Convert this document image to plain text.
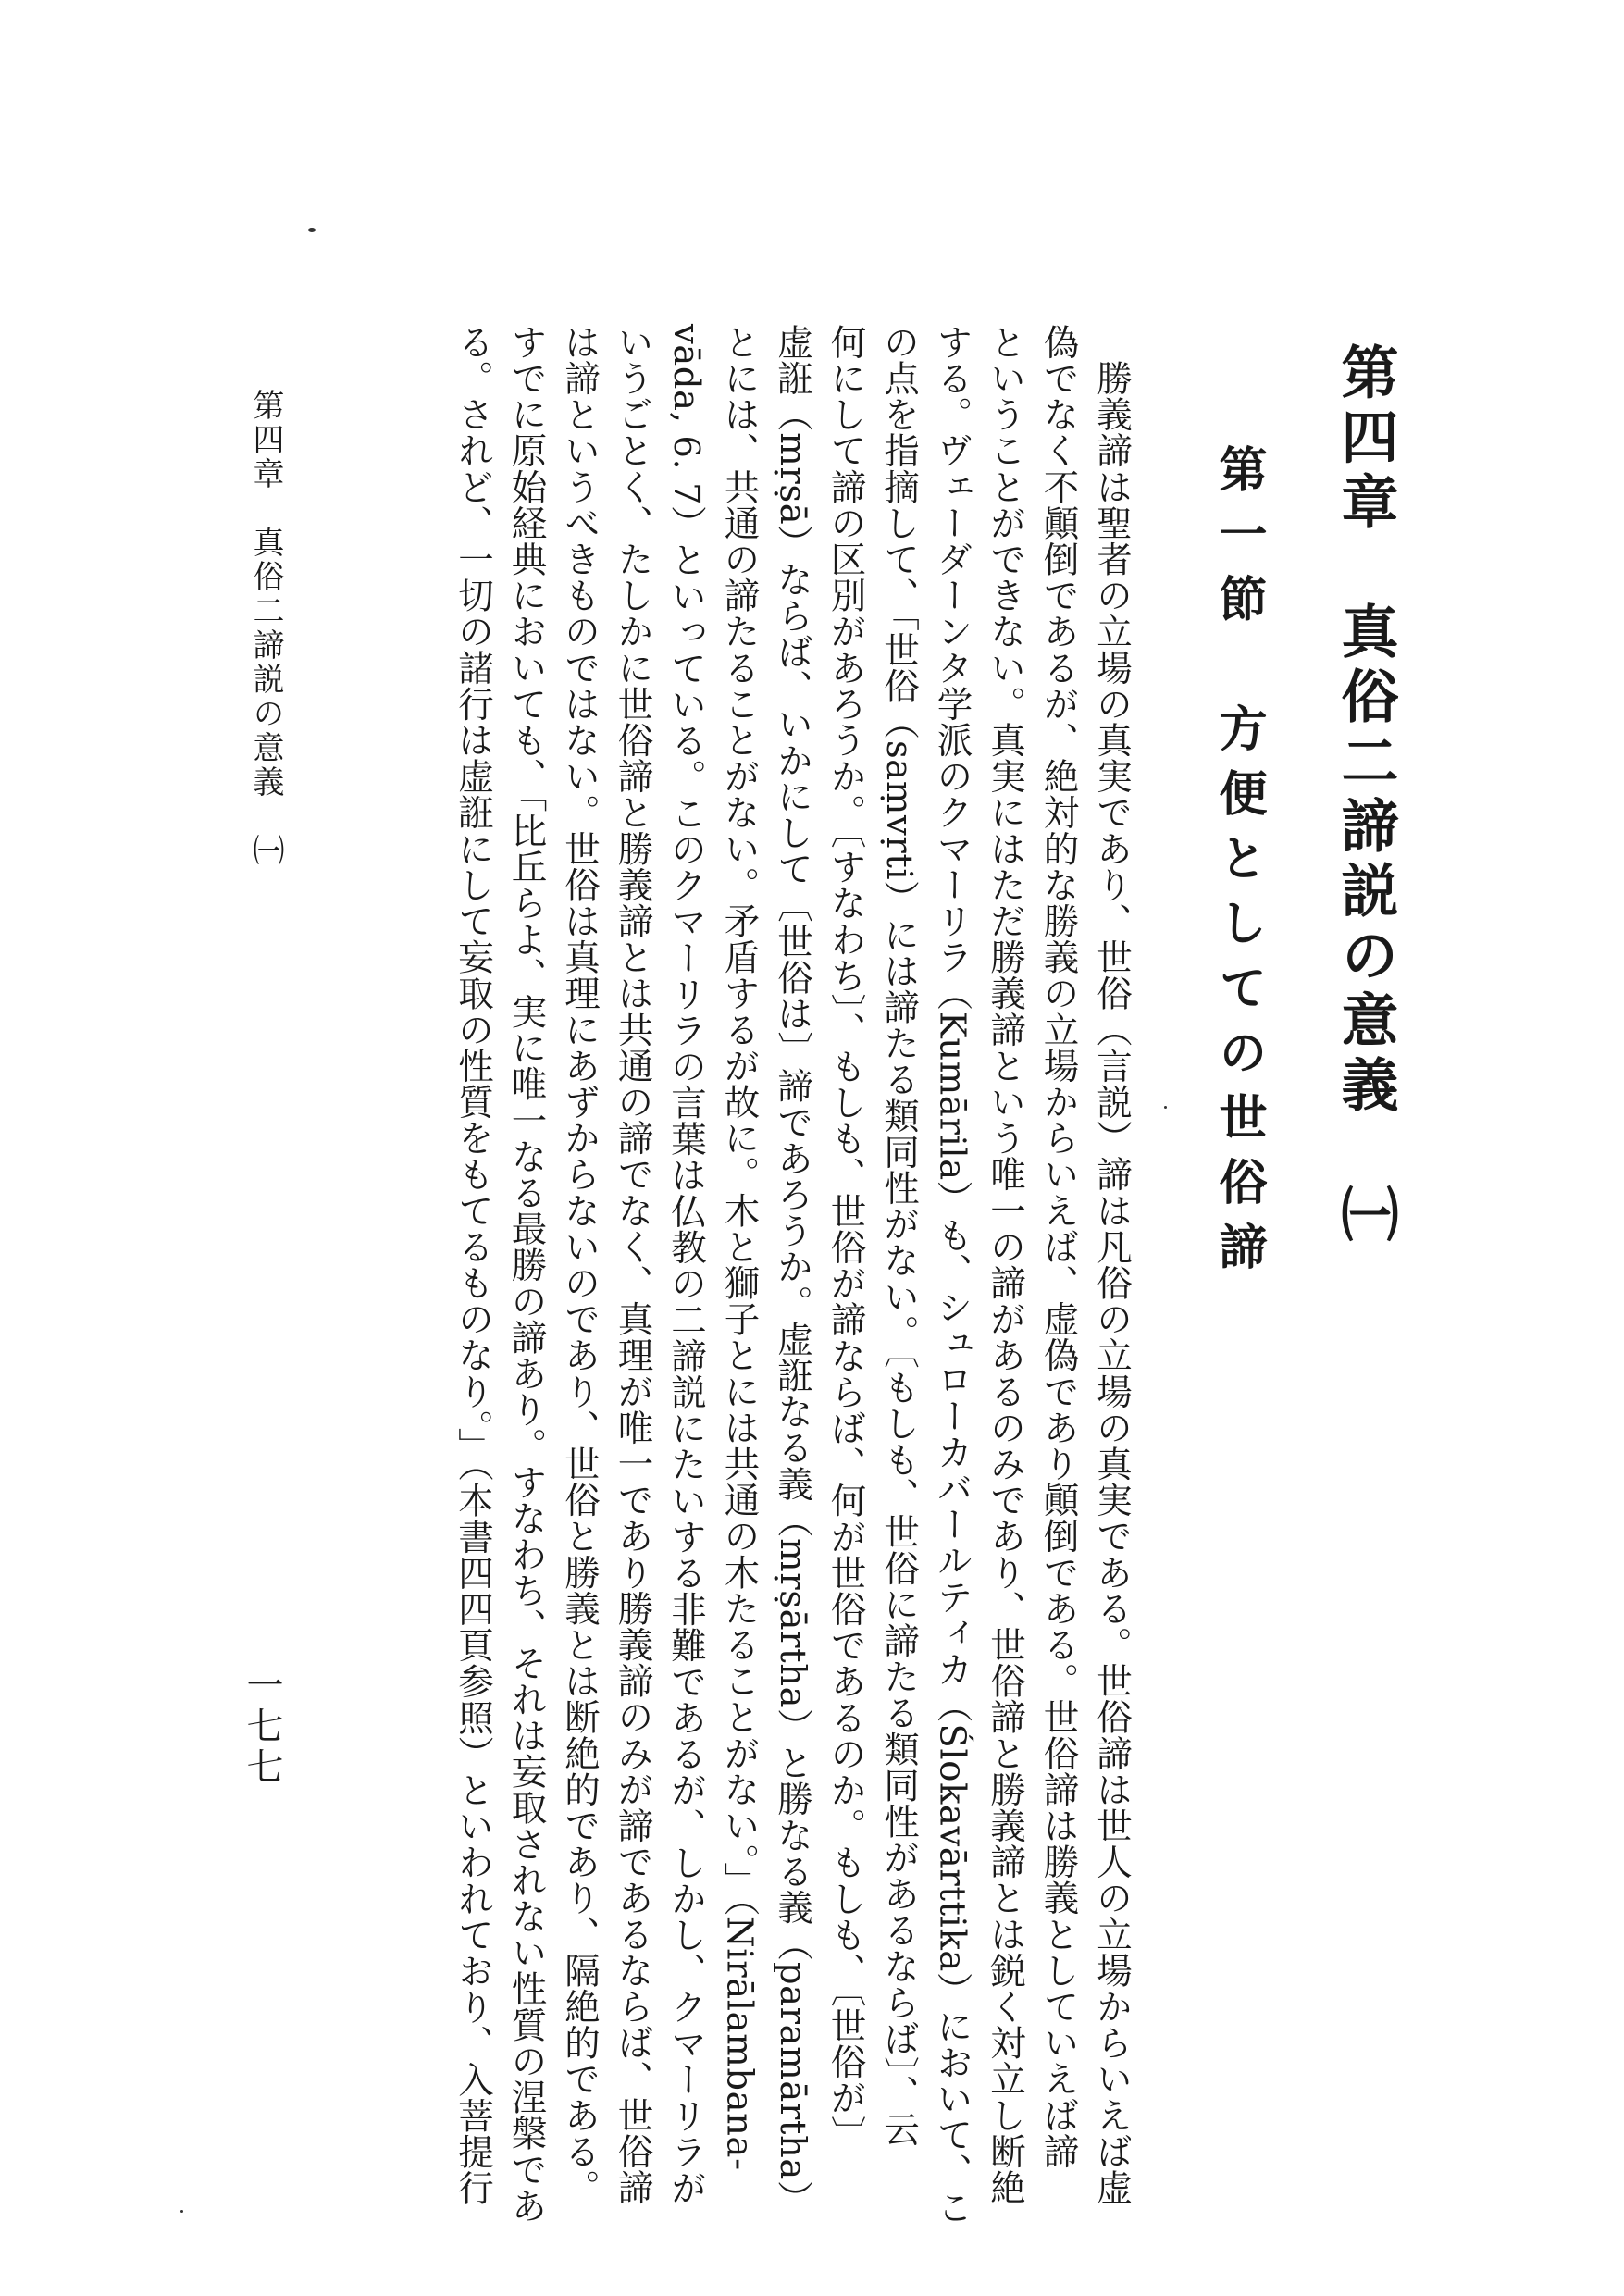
第四章　真俗二諦説の意義　㈠
第一節　方便としての世俗諦
　勝義諦は聖者の立場の真実であり、世俗（言説）諦は凡俗の立場の真実である。世俗諦は世人の立場からいえば虚
偽でなく不顚倒であるが、絶対的な勝義の立場からいえば、虚偽であり顚倒である。世俗諦は勝義としていえば諦
ということができない。真実にはただ勝義諦という唯一の諦があるのみであり、世俗諦と勝義諦とは鋭く対立し断絶
する。ヴェーダーンタ学派のクマーリラ（Kumārila）も、シュローカバールティカ（Ślokavārttika）において、こ
の点を指摘して、「世俗（saṃvṛti）には諦たる類同性がない。〔もしも、世俗に諦たる類同性があるならば〕、云
何にして諦の区別があろうか。〔すなわち〕、もしも、世俗が諦ならば、何が世俗であるのか。もしも、〔世俗が〕
虚誑（mṛṣā）ならば、いかにして〔世俗は〕諦であろうか。虚誑なる義（mṛṣārtha）と勝なる義（paramārtha）
とには、共通の諦たることがない。矛盾するが故に。木と獅子とには共通の木たることがない。」（Nirālambana-
vāda, 6. 7）といっている。このクマーリラの言葉は仏教の二諦説にたいする非難であるが、しかし、クマーリラが
いうごとく、たしかに世俗諦と勝義諦とは共通の諦でなく、真理が唯一であり勝義諦のみが諦であるならば、世俗諦
は諦というべきものではない。世俗は真理にあずからないのであり、世俗と勝義とは断絶的であり、隔絶的である。
すでに原始経典においても、「比丘らよ、実に唯一なる最勝の諦あり。すなわち、それは妄取されない性質の涅槃であ
る。されど、一切の諸行は虚誑にして妄取の性質をもてるものなり。」（本書四四頁参照）といわれており、入菩提行
第四章　真俗二諦説の意義　㈠
一七七
